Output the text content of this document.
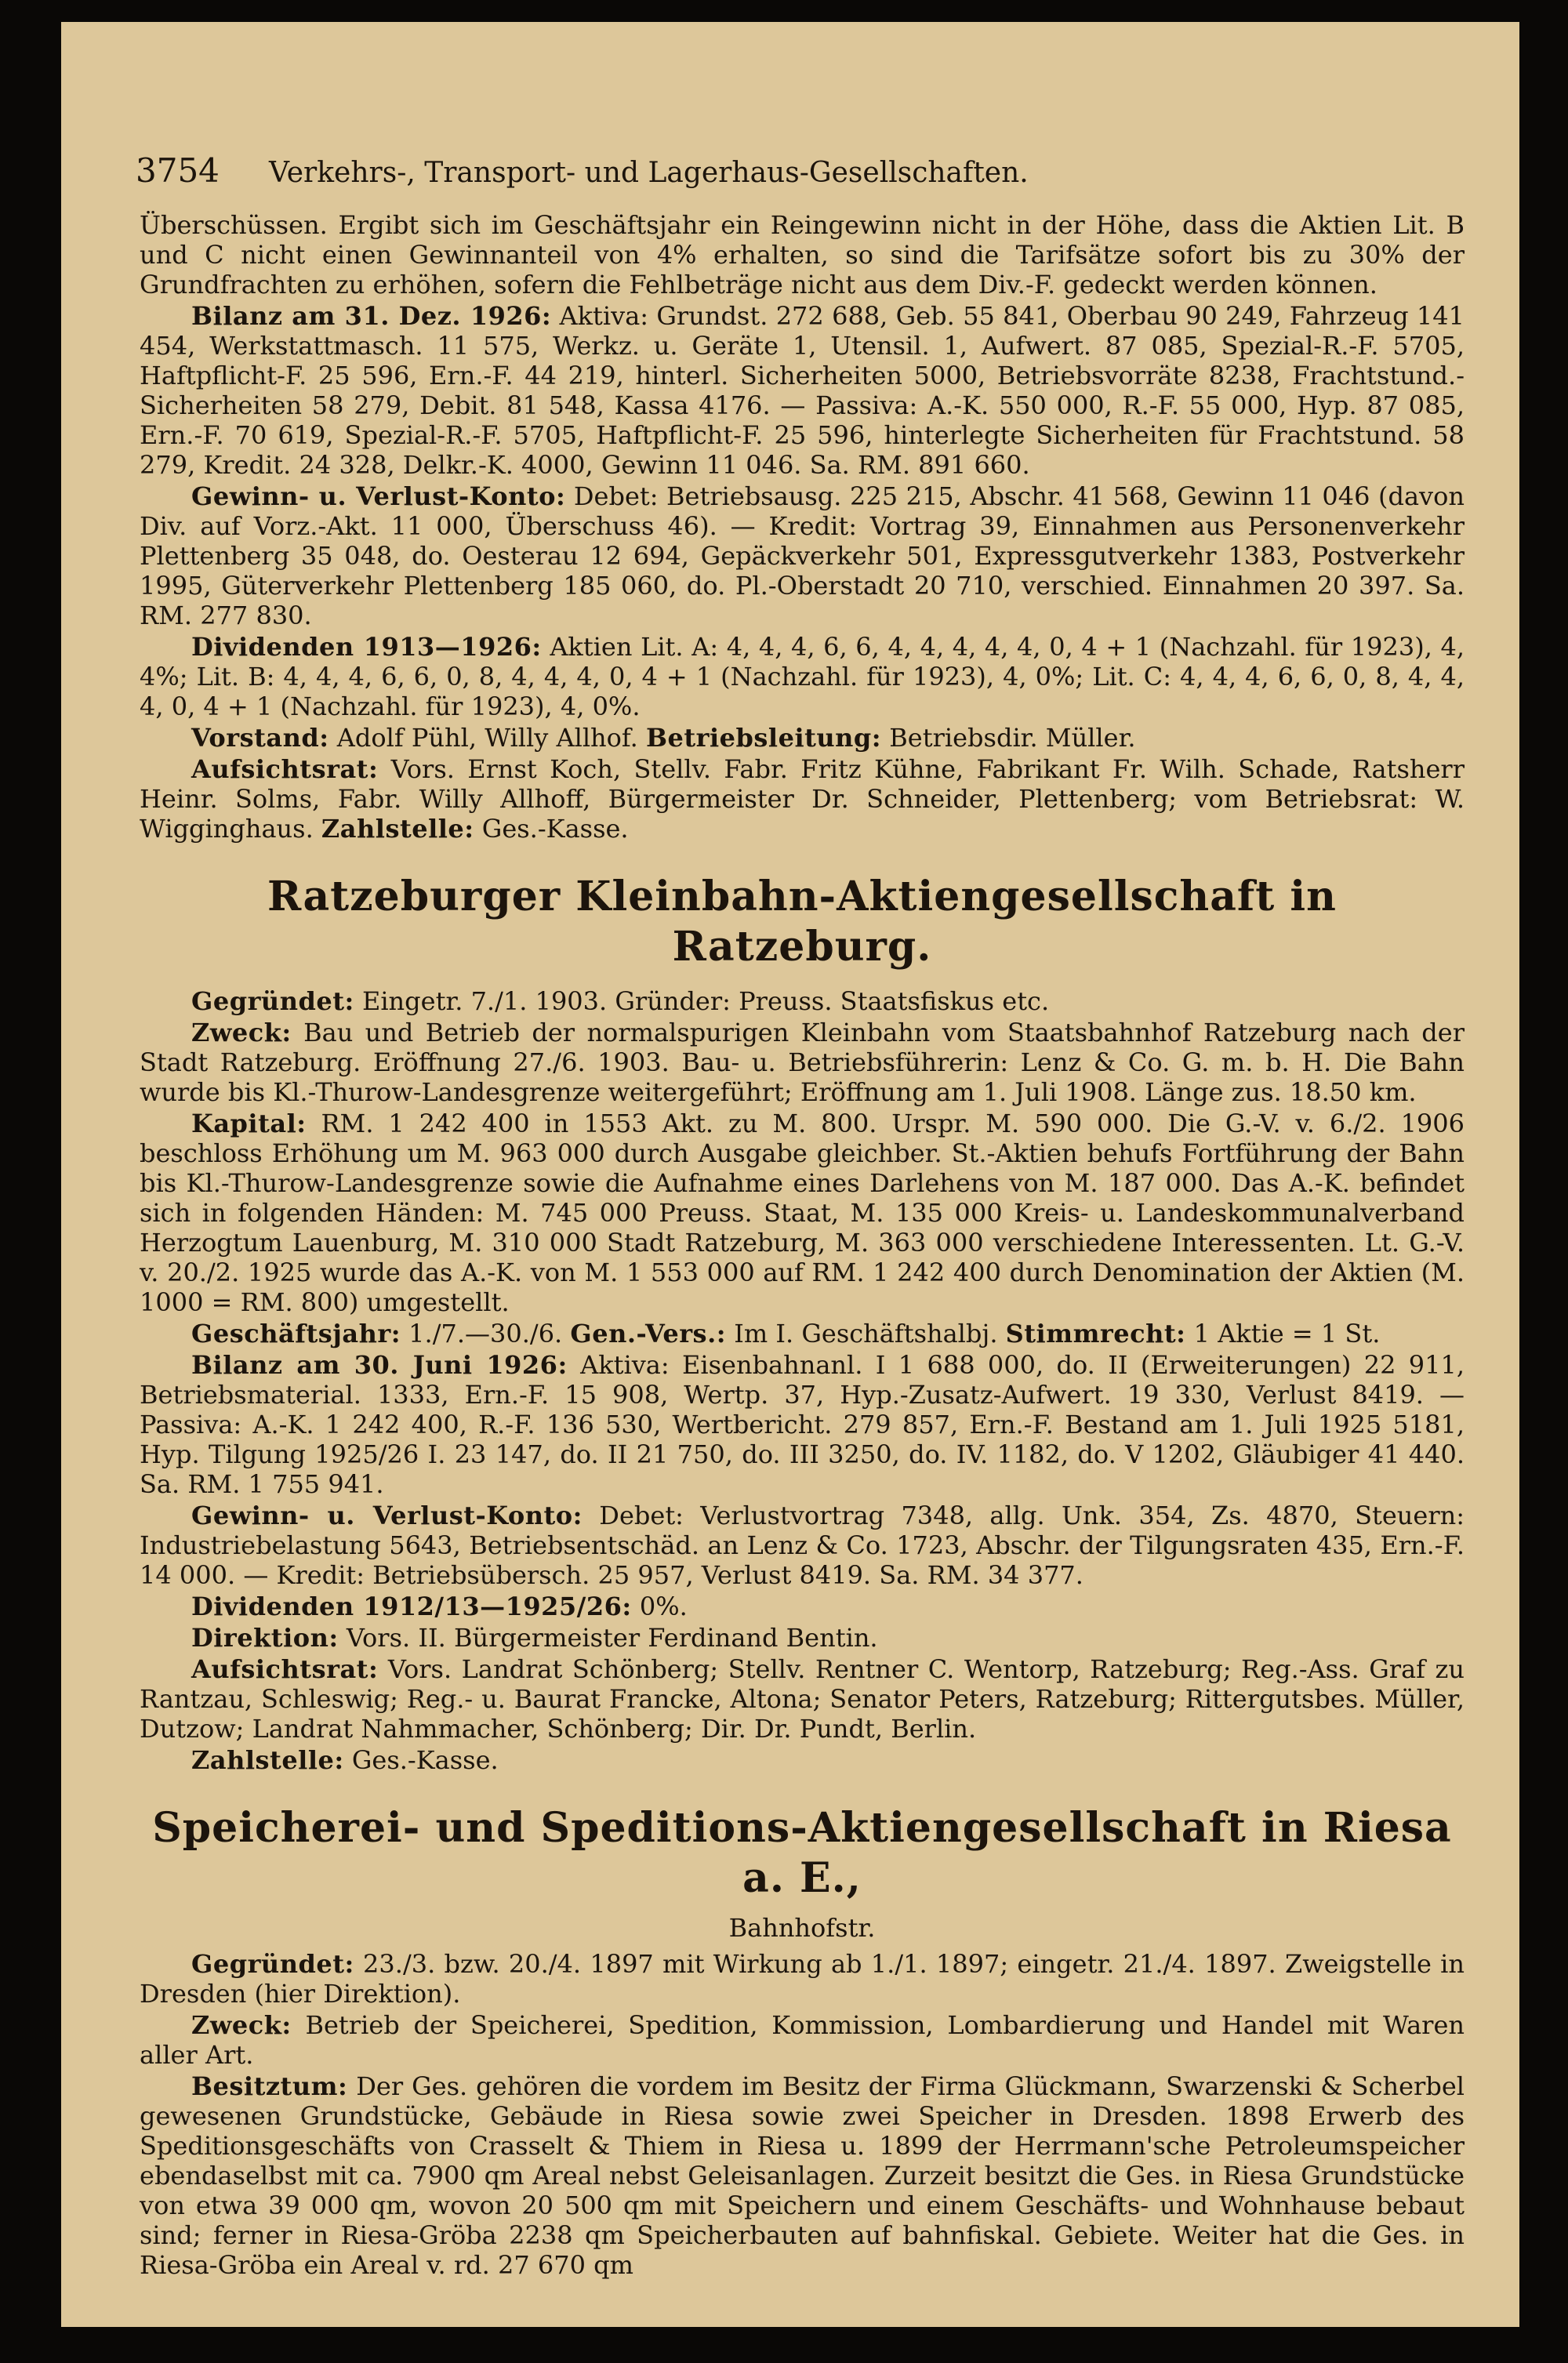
3754 Verkehrs-, Transport- und Lagerhaus-Gesellschaften.

Überschüssen. Ergibt sich im Geschäftsjahr ein Reingewinn nicht in der Höhe, dass die Aktien Lit. B und C nicht einen Gewinnanteil von 4% erhalten, so sind die Tarifsätze sofort bis zu 30% der Grundfrachten zu erhöhen, sofern die Fehlbeträge nicht aus dem Div.-F. gedeckt werden können.

Bilanz am 31. Dez. 1926: Aktiva: Grundst. 272 688, Geb. 55 841, Oberbau 90 249, Fahrzeug 141 454, Werkstattmasch. 11 575, Werkz. u. Geräte 1, Utensil. 1, Aufwert. 87 085, Spezial-R.-F. 5705, Haftpflicht-F. 25 596, Ern.-F. 44 219, hinterl. Sicherheiten 5000, Betriebsvorräte 8238, Frachtstund.-Sicherheiten 58 279, Debit. 81 548, Kassa 4176. — Passiva: A.-K. 550 000, R.-F. 55 000, Hyp. 87 085, Ern.-F. 70 619, Spezial-R.-F. 5705, Haftpflicht-F. 25 596, hinterlegte Sicherheiten für Frachtstund. 58 279, Kredit. 24 328, Delkr.-K. 4000, Gewinn 11 046. Sa. RM. 891 660.

Gewinn- u. Verlust-Konto: Debet: Betriebsausg. 225 215, Abschr. 41 568, Gewinn 11 046 (davon Div. auf Vorz.-Akt. 11 000, Überschuss 46). — Kredit: Vortrag 39, Einnahmen aus Personenverkehr Plettenberg 35 048, do. Oesterau 12 694, Gepäckverkehr 501, Expressgutverkehr 1383, Postverkehr 1995, Güterverkehr Plettenberg 185 060, do. Pl.-Oberstadt 20 710, verschied. Einnahmen 20 397. Sa. RM. 277 830.

Dividenden 1913—1926: Aktien Lit. A: 4, 4, 4, 6, 6, 4, 4, 4, 4, 4, 0, 4 + 1 (Nachzahl. für 1923), 4, 4%; Lit. B: 4, 4, 4, 6, 6, 0, 8, 4, 4, 4, 0, 4 + 1 (Nachzahl. für 1923), 4, 0%; Lit. C: 4, 4, 4, 6, 6, 0, 8, 4, 4, 4, 0, 4 + 1 (Nachzahl. für 1923), 4, 0%.

Vorstand: Adolf Pühl, Willy Allhof. Betriebsleitung: Betriebsdir. Müller.

Aufsichtsrat: Vors. Ernst Koch, Stellv. Fabr. Fritz Kühne, Fabrikant Fr. Wilh. Schade, Ratsherr Heinr. Solms, Fabr. Willy Allhoff, Bürgermeister Dr. Schneider, Plettenberg; vom Betriebsrat: W. Wigginghaus. Zahlstelle: Ges.-Kasse.

Ratzeburger Kleinbahn-Aktiengesellschaft in Ratzeburg.

Gegründet: Eingetr. 7./1. 1903. Gründer: Preuss. Staatsfiskus etc.

Zweck: Bau und Betrieb der normalspurigen Kleinbahn vom Staatsbahnhof Ratzeburg nach der Stadt Ratzeburg. Eröffnung 27./6. 1903. Bau- u. Betriebsführerin: Lenz & Co. G. m. b. H. Die Bahn wurde bis Kl.-Thurow-Landesgrenze weitergeführt; Eröffnung am 1. Juli 1908. Länge zus. 18.50 km.

Kapital: RM. 1 242 400 in 1553 Akt. zu M. 800. Urspr. M. 590 000. Die G.-V. v. 6./2. 1906 beschloss Erhöhung um M. 963 000 durch Ausgabe gleichber. St.-Aktien behufs Fortführung der Bahn bis Kl.-Thurow-Landesgrenze sowie die Aufnahme eines Darlehens von M. 187 000. Das A.-K. befindet sich in folgenden Händen: M. 745 000 Preuss. Staat, M. 135 000 Kreis- u. Landeskommunalverband Herzogtum Lauenburg, M. 310 000 Stadt Ratzeburg, M. 363 000 verschiedene Interessenten. Lt. G.-V. v. 20./2. 1925 wurde das A.-K. von M. 1 553 000 auf RM. 1 242 400 durch Denomination der Aktien (M. 1000 = RM. 800) umgestellt.

Geschäftsjahr: 1./7.—30./6. Gen.-Vers.: Im I. Geschäftshalbj. Stimmrecht: 1 Aktie = 1 St.

Bilanz am 30. Juni 1926: Aktiva: Eisenbahnanl. I 1 688 000, do. II (Erweiterungen) 22 911, Betriebsmaterial. 1333, Ern.-F. 15 908, Wertp. 37, Hyp.-Zusatz-Aufwert. 19 330, Verlust 8419. — Passiva: A.-K. 1 242 400, R.-F. 136 530, Wertbericht. 279 857, Ern.-F. Bestand am 1. Juli 1925 5181, Hyp. Tilgung 1925/26 I. 23 147, do. II 21 750, do. III 3250, do. IV. 1182, do. V 1202, Gläubiger 41 440. Sa. RM. 1 755 941.

Gewinn- u. Verlust-Konto: Debet: Verlustvortrag 7348, allg. Unk. 354, Zs. 4870, Steuern: Industriebelastung 5643, Betriebsentschäd. an Lenz & Co. 1723, Abschr. der Tilgungsraten 435, Ern.-F. 14 000. — Kredit: Betriebsübersch. 25 957, Verlust 8419. Sa. RM. 34 377.

Dividenden 1912/13—1925/26: 0%.

Direktion: Vors. II. Bürgermeister Ferdinand Bentin.

Aufsichtsrat: Vors. Landrat Schönberg; Stellv. Rentner C. Wentorp, Ratzeburg; Reg.-Ass. Graf zu Rantzau, Schleswig; Reg.- u. Baurat Francke, Altona; Senator Peters, Ratzeburg; Rittergutsbes. Müller, Dutzow; Landrat Nahmmacher, Schönberg; Dir. Dr. Pundt, Berlin.

Zahlstelle: Ges.-Kasse.

Speicherei- und Speditions-Aktiengesellschaft in Riesa a. E.,
Bahnhofstr.

Gegründet: 23./3. bzw. 20./4. 1897 mit Wirkung ab 1./1. 1897; eingetr. 21./4. 1897. Zweigstelle in Dresden (hier Direktion).

Zweck: Betrieb der Speicherei, Spedition, Kommission, Lombardierung und Handel mit Waren aller Art.

Besitztum: Der Ges. gehören die vordem im Besitz der Firma Glückmann, Swarzenski & Scherbel gewesenen Grundstücke, Gebäude in Riesa sowie zwei Speicher in Dresden. 1898 Erwerb des Speditionsgeschäfts von Crasselt & Thiem in Riesa u. 1899 der Herrmann'sche Petroleumspeicher ebendaselbst mit ca. 7900 qm Areal nebst Geleisanlagen. Zurzeit besitzt die Ges. in Riesa Grundstücke von etwa 39 000 qm, wovon 20 500 qm mit Speichern und einem Geschäfts- und Wohnhause bebaut sind; ferner in Riesa-Gröba 2238 qm Speicherbauten auf bahnfiskal. Gebiete. Weiter hat die Ges. in Riesa-Gröba ein Areal v. rd. 27 670 qm
